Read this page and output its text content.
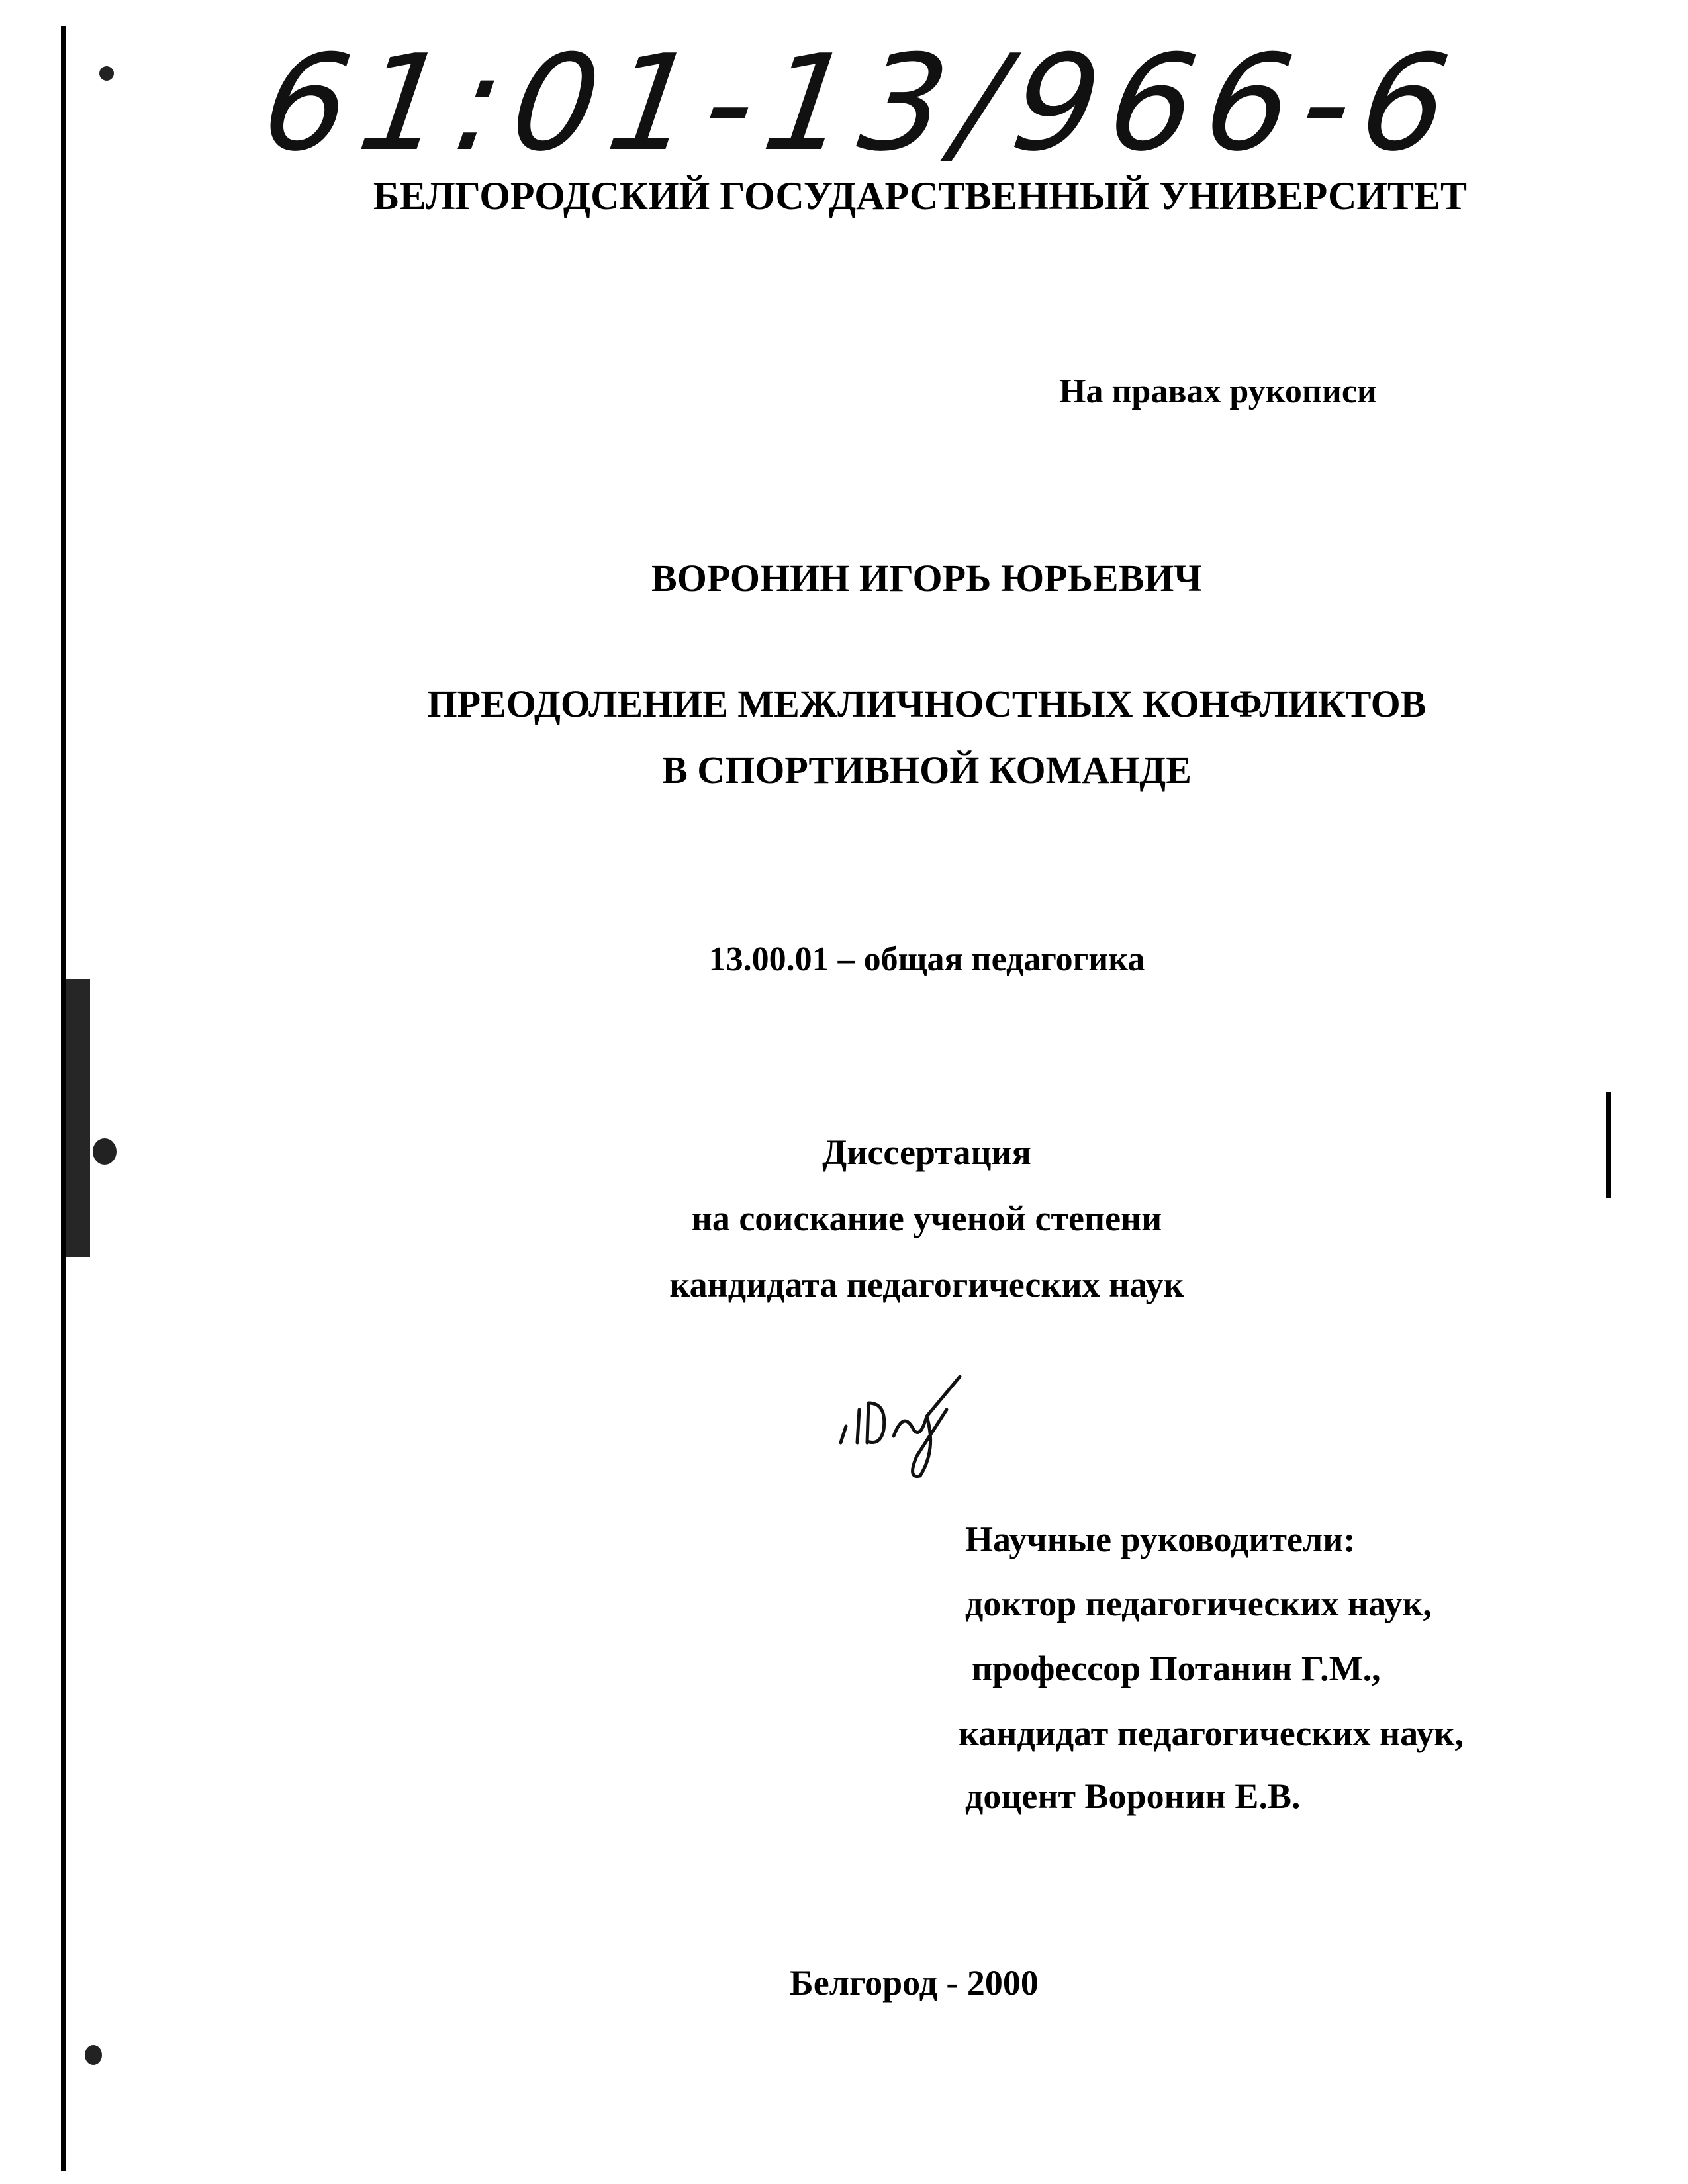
61:01-13/966-6
БЕЛГОРОДСКИЙ ГОСУДАРСТВЕННЫЙ УНИВЕРСИТЕТ
На правах рукописи
ВОРОНИН ИГОРЬ ЮРЬЕВИЧ
ПРЕОДОЛЕНИЕ МЕЖЛИЧНОСТНЫХ КОНФЛИКТОВ
В СПОРТИВНОЙ КОМАНДЕ
13.00.01 – общая педагогика
Диссертация
на соискание ученой степени
кандидата педагогических наук
Научные руководители:
доктор педагогических наук,
профессор Потанин Г.М.,
кандидат педагогических наук,
доцент Воронин Е.В.
Белгород - 2000
